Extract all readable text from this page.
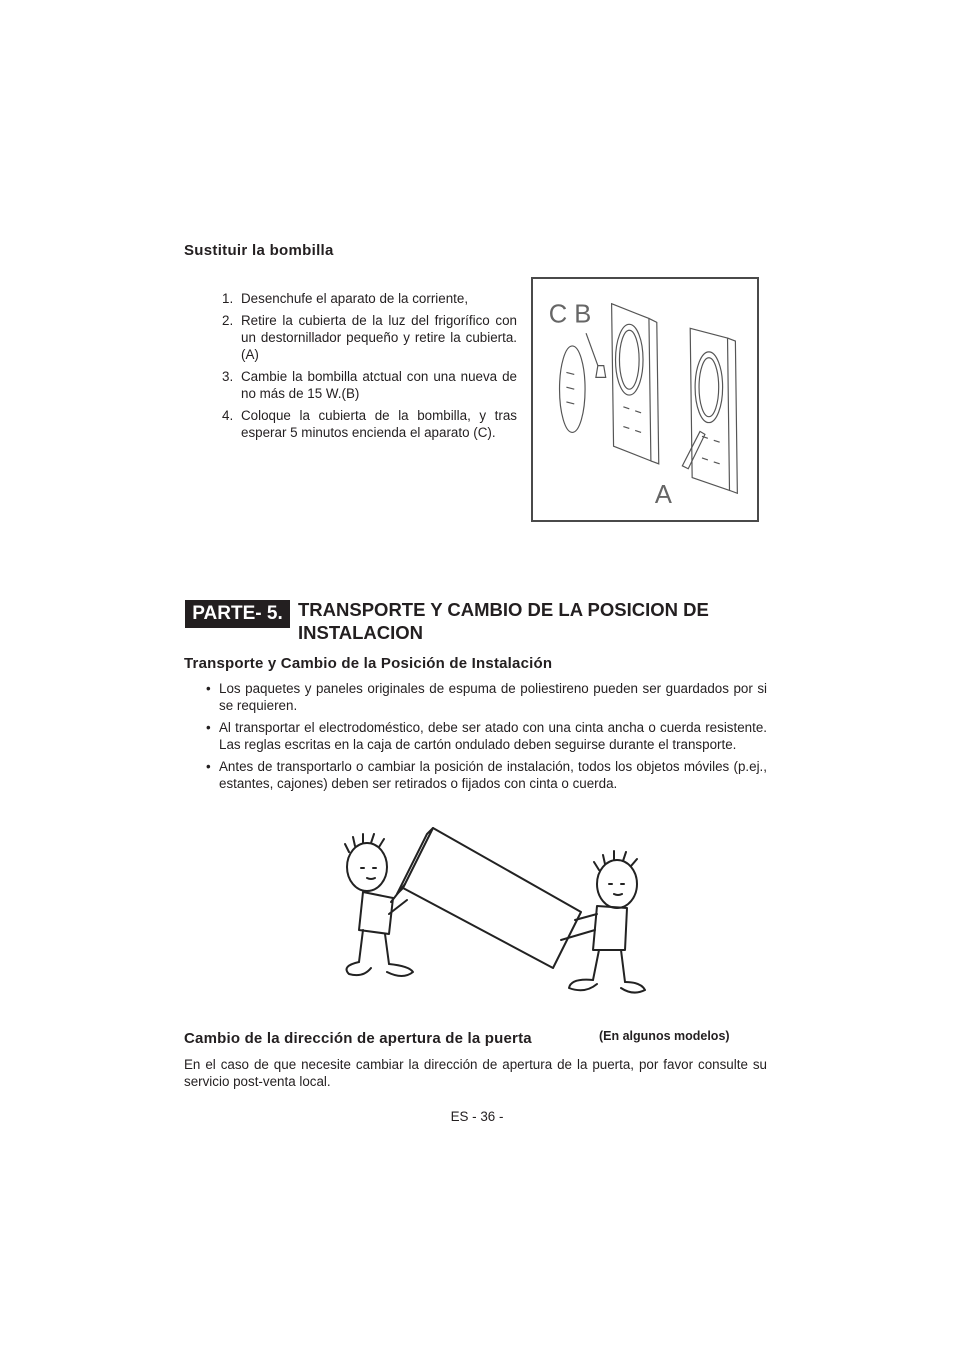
Sustituir la bombilla
1. Desenchufe el aparato de la corriente,
2. Retire la cubierta de la luz del frigorífico con un destornillador pequeño y retire la cubierta. (A)
3. Cambie la bombilla atctual con una nueva de no más de 15 W.(B)
4. Coloque la cubierta de la bombilla, y tras esperar 5 minutos encienda el aparato (C).
C B
A
PARTE- 5. TRANSPORTE Y CAMBIO DE LA POSICION DE INSTALACION
Transporte y Cambio de la Posición de Instalación
• Los paquetes y paneles originales de espuma de poliestireno pueden ser guardados por si se requieren.
• Al transportar el electrodoméstico, debe ser atado con una cinta ancha o cuerda resistente. Las reglas escritas en la caja de cartón ondulado deben seguirse durante el transporte.
• Antes de transportarlo o cambiar la posición de instalación, todos los objetos móviles (p.ej., estantes, cajones) deben ser retirados o fijados con cinta o cuerda.
Cambio de la dirección de apertura de la puerta	(En algunos modelos)
En el caso de que necesite cambiar la dirección de apertura de la puerta, por favor consulte su servicio post-venta local.
ES - 36 -
